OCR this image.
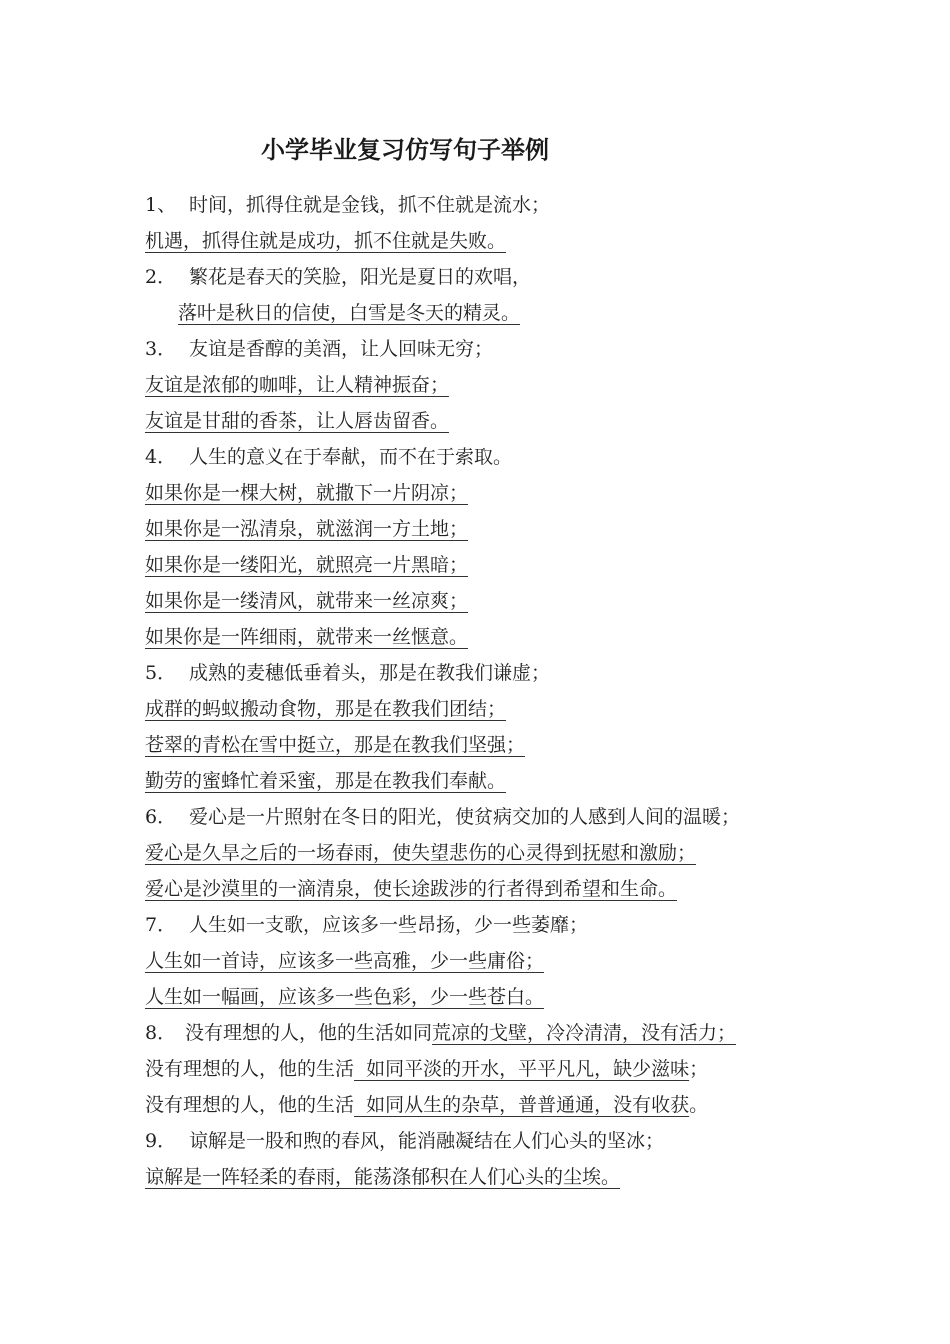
小学毕业复习仿写句子举例
1、 时间，抓得住就是金钱，抓不住就是流水；
机遇，抓得住就是成功，抓不住就是失败。
2． 繁花是春天的笑脸，阳光是夏日的欢唱，
落叶是秋日的信使，白雪是冬天的精灵。
3． 友谊是香醇的美酒，让人回味无穷；
友谊是浓郁的咖啡，让人精神振奋；
友谊是甘甜的香茶，让人唇齿留香。
4． 人生的意义在于奉献，而不在于索取。
如果你是一棵大树，就撒下一片阴凉；
如果你是一泓清泉，就滋润一方土地；
如果你是一缕阳光，就照亮一片黑暗；
如果你是一缕清风，就带来一丝凉爽；
如果你是一阵细雨，就带来一丝惬意。
5． 成熟的麦穗低垂着头，那是在教我们谦虚；
成群的蚂蚁搬动食物，那是在教我们团结；
苍翠的青松在雪中挺立，那是在教我们坚强；
勤劳的蜜蜂忙着采蜜，那是在教我们奉献。
6． 爱心是一片照射在冬日的阳光，使贫病交加的人感到人间的温暖；
爱心是久旱之后的一场春雨，使失望悲伤的心灵得到抚慰和激励；
爱心是沙漠里的一滴清泉，使长途跋涉的行者得到希望和生命。
7． 人生如一支歌，应该多一些昂扬，少一些萎靡；
人生如一首诗，应该多一些高雅，少一些庸俗；
人生如一幅画，应该多一些色彩，少一些苍白。
8． 没有理想的人，他的生活如同荒凉的戈壁，冷冷清清，没有活力；
没有理想的人，他的生活  如同平淡的开水，平平凡凡，缺少滋味；
没有理想的人，他的生活  如同从生的杂草，普普通通，没有收获。
9． 谅解是一股和煦的春风，能消融凝结在人们心头的坚冰；
谅解是一阵轻柔的春雨，能荡涤郁积在人们心头的尘埃。
